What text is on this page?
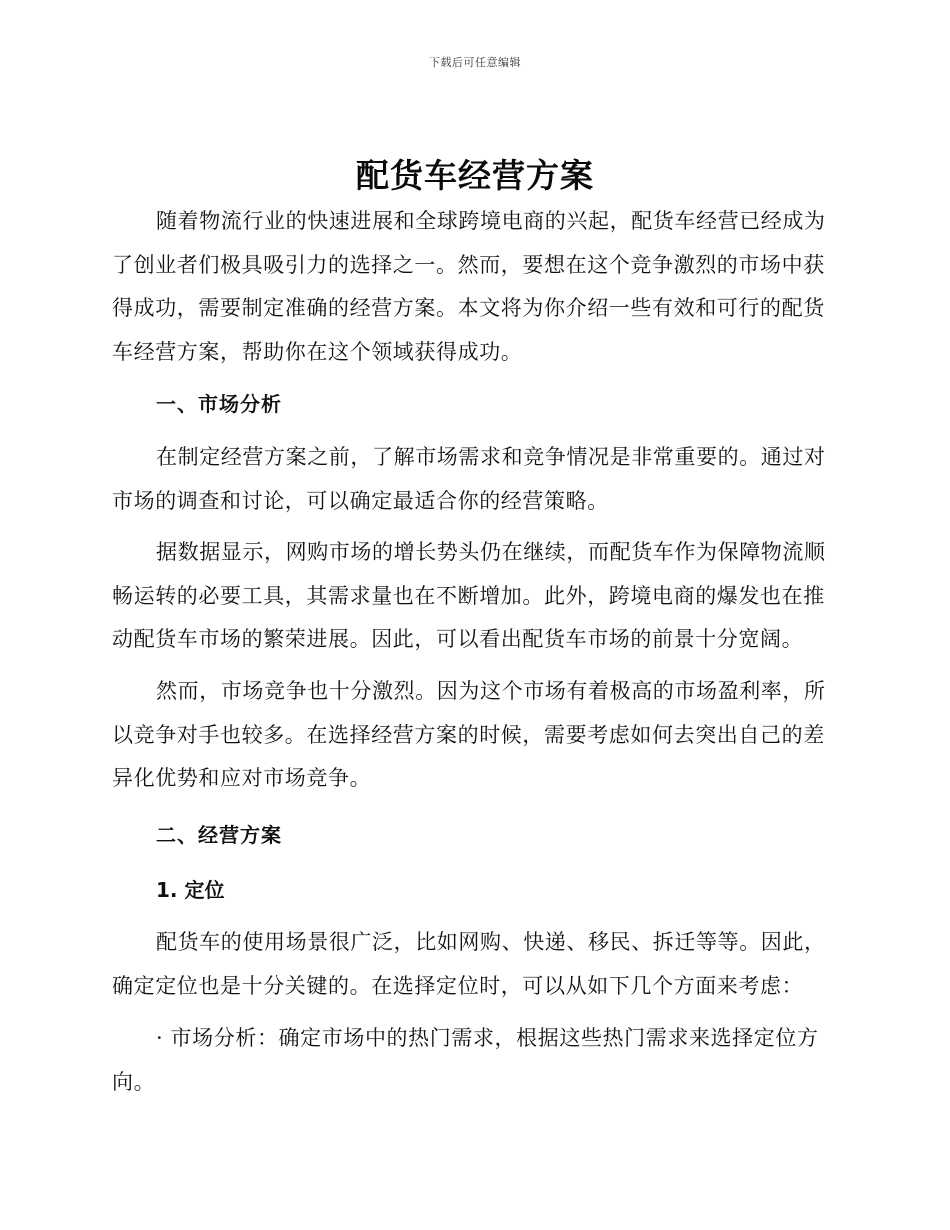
下载后可任意编辑
配货车经营方案
随着物流行业的快速进展和全球跨境电商的兴起，配货车经营已经成为了创业者们极具吸引力的选择之一。然而，要想在这个竞争激烈的市场中获得成功，需要制定准确的经营方案。本文将为你介绍一些有效和可行的配货车经营方案，帮助你在这个领域获得成功。
一、市场分析
在制定经营方案之前，了解市场需求和竞争情况是非常重要的。通过对市场的调查和讨论，可以确定最适合你的经营策略。
据数据显示，网购市场的增长势头仍在继续，而配货车作为保障物流顺畅运转的必要工具，其需求量也在不断增加。此外，跨境电商的爆发也在推动配货车市场的繁荣进展。因此，可以看出配货车市场的前景十分宽阔。
然而，市场竞争也十分激烈。因为这个市场有着极高的市场盈利率，所以竞争对手也较多。在选择经营方案的时候，需要考虑如何去突出自己的差异化优势和应对市场竞争。
二、经营方案
1. 定位
配货车的使用场景很广泛，比如网购、快递、移民、拆迁等等。因此，确定定位也是十分关键的。在选择定位时，可以从如下几个方面来考虑：
· 市场分析：确定市场中的热门需求，根据这些热门需求来选择定位方向。
